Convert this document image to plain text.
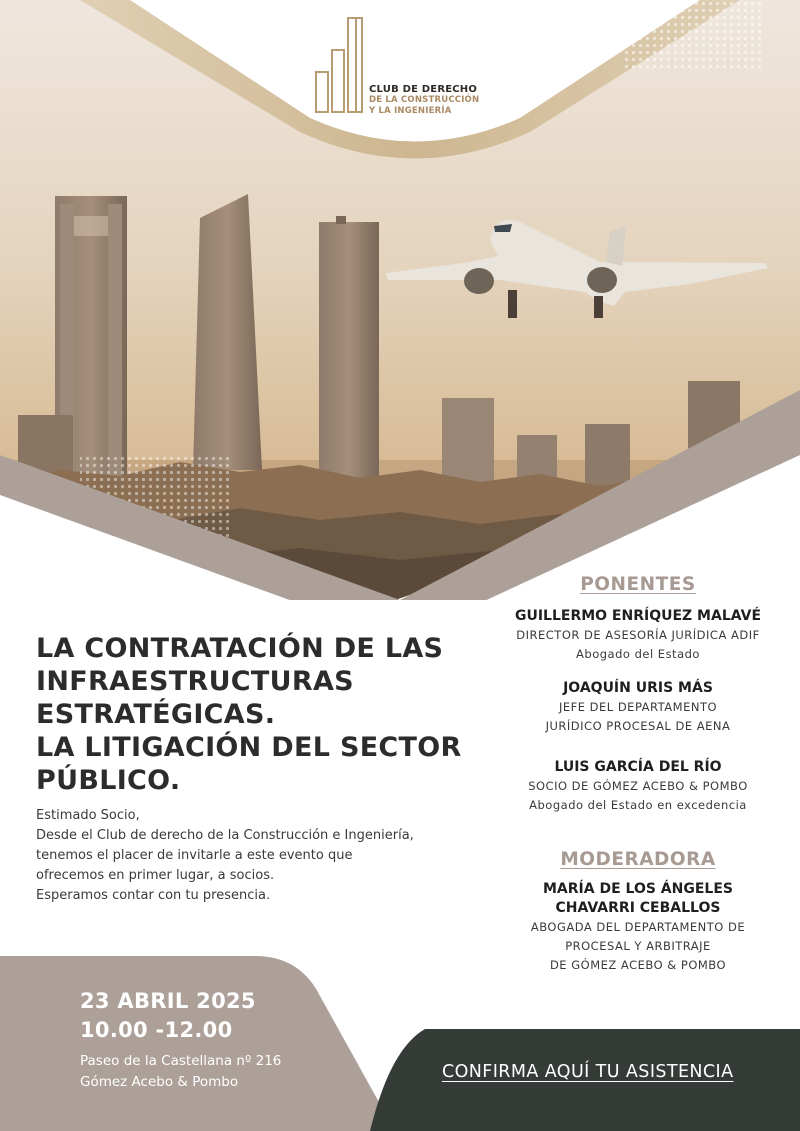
CLUB DE DERECHO
DE LA CONSTRUCCIÓN
Y LA INGENIERÍA
LA CONTRATACIÓN DE LAS
INFRAESTRUCTURAS
ESTRATÉGICAS.
LA LITIGACIÓN DEL SECTOR
PÚBLICO.
Estimado Socio,
Desde el Club de derecho de la Construcción e Ingeniería,
tenemos el placer de invitarle a este evento que
ofrecemos en primer lugar, a socios.
Esperamos contar con tu presencia.
PONENTES
GUILLERMO ENRÍQUEZ MALAVÉ
DIRECTOR DE ASESORÍA JURÍDICA ADIF
Abogado del Estado
JOAQUÍN URIS MÁS
JEFE DEL DEPARTAMENTO
JURÍDICO PROCESAL DE AENA
LUIS GARCÍA DEL RÍO
SOCIO DE GÓMEZ ACEBO & POMBO
Abogado del Estado en excedencia
MODERADORA
MARÍA DE LOS ÁNGELES
CHAVARRI CEBALLOS
ABOGADA DEL DEPARTAMENTO DE
PROCESAL Y ARBITRAJE
DE GÓMEZ ACEBO & POMBO
23 ABRIL 2025
10.00 -12.00
Paseo de la Castellana nº 216
Gómez Acebo & Pombo	CONFIRMA AQUÍ TU ASISTENCIA
